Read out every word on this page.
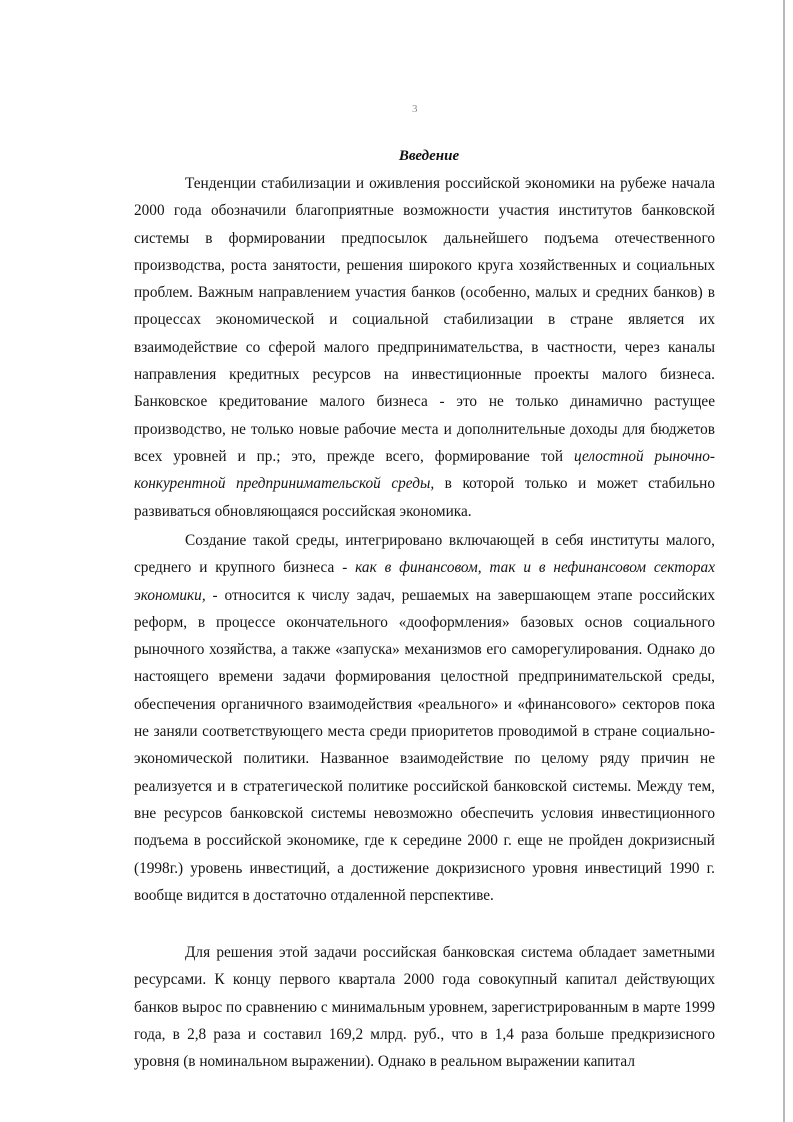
3
Введение

Тенденции стабилизации и оживления российской экономики на рубеже начала 2000 года обозначили благоприятные возможности участия институтов банковской системы в формировании предпосылок дальнейшего подъема отечественного производства, роста занятости, решения широкого круга хозяйственных и социальных проблем. Важным направлением участия банков (особенно, малых и средних банков) в процессах экономической и социальной стабилизации в стране является их взаимодействие со сферой малого предпринимательства, в частности, через каналы направления кредитных ресурсов на инвестиционные проекты малого бизнеса. Банковское кредитование малого бизнеса - это не только динамично растущее производство, не только новые рабочие места и дополнительные доходы для бюджетов всех уровней и пр.; это, прежде всего, формирование той целостной рыночно-конкурентной предпринимательской среды, в которой только и может стабильно развиваться обновляющаяся российская экономика.

Создание такой среды, интегрировано включающей в себя институты малого, среднего и крупного бизнеса - как в финансовом, так и в нефинансовом секторах экономики, - относится к числу задач, решаемых на завершающем этапе российских реформ, в процессе окончательного «дооформления» базовых основ социального рыночного хозяйства, а также «запуска» механизмов его саморегулирования. Однако до настоящего времени задачи формирования целостной предпринимательской среды, обеспечения органичного взаимодействия «реального» и «финансового» секторов пока не заняли соответствующего места среди приоритетов проводимой в стране социально-экономической политики. Названное взаимодействие по целому ряду причин не реализуется и в стратегической политике российской банковской системы. Между тем, вне ресурсов банковской системы невозможно обеспечить условия инвестиционного подъема в российской экономике, где к середине 2000 г. еще не пройден докризисный (1998г.) уровень инвестиций, а достижение докризисного уровня инвестиций 1990 г. вообще видится в достаточно отдаленной перспективе.

Для решения этой задачи российская банковская система обладает заметными ресурсами. К концу первого квартала 2000 года совокупный капитал действующих банков вырос по сравнению с минимальным уровнем, зарегистрированным в марте 1999 года, в 2,8 раза и составил 169,2 млрд. руб., что в 1,4 раза больше предкризисного уровня (в номинальном выражении). Однако в реальном выражении капитал
